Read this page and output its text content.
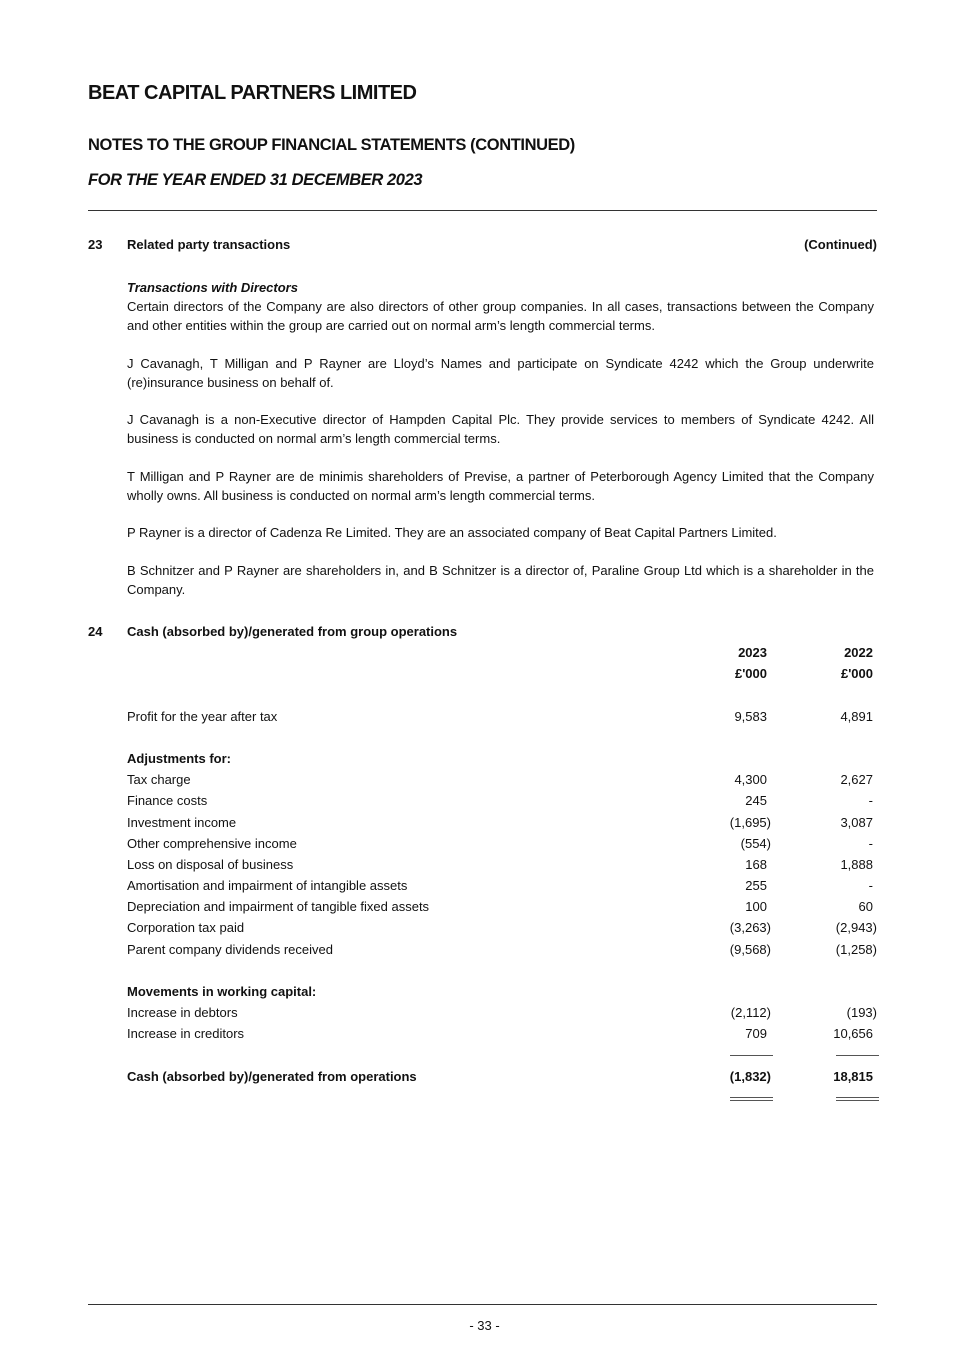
BEAT CAPITAL PARTNERS LIMITED
NOTES TO THE GROUP FINANCIAL STATEMENTS (CONTINUED)
FOR THE YEAR ENDED 31 DECEMBER 2023
23 Related party transactions	(Continued)
Transactions with Directors

Certain directors of the Company are also directors of other group companies. In all cases, transactions between the Company and other entities within the group are carried out on normal arm’s length commercial terms.

J Cavanagh, T Milligan and P Rayner are Lloyd’s Names and participate on Syndicate 4242 which the Group underwrite (re)insurance business on behalf of.

J Cavanagh is a non-Executive director of Hampden Capital Plc. They provide services to members of Syndicate 4242. All business is conducted on normal arm’s length commercial terms.

T Milligan and P Rayner are de minimis shareholders of Previse, a partner of Peterborough Agency Limited that the Company wholly owns. All business is conducted on normal arm’s length commercial terms.

P Rayner is a director of Cadenza Re Limited. They are an associated company of Beat Capital Partners Limited.

B Schnitzer and P Rayner are shareholders in, and B Schnitzer is a director of, Paraline Group Ltd which is a shareholder in the Company.

24 Cash (absorbed by)/generated from group operations
2023	2022
£'000	£'000
Profit for the year after tax	9,583	4,891
Adjustments for:
Tax charge	4,300	2,627
Finance costs	245	-
Investment income	(1,695)	3,087
Other comprehensive income	(554)	-
Loss on disposal of business	168	1,888
Amortisation and impairment of intangible assets	255	-
Depreciation and impairment of tangible fixed assets	100	60
Corporation tax paid	(3,263)	(2,943)
Parent company dividends received	(9,568)	(1,258)
Movements in working capital:
Increase in debtors	(2,112)	(193)
Increase in creditors	709	10,656
Cash (absorbed by)/generated from operations	(1,832)	18,815
- 33 -
